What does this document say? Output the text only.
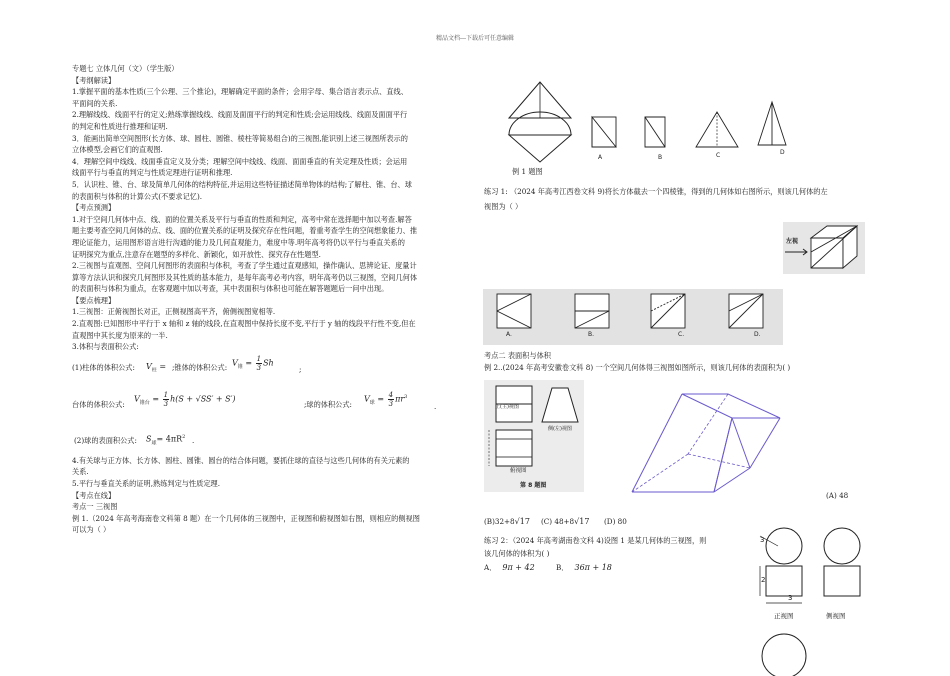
精品文档---下载后可任意编辑

专题七 立体几何（文）（学生版）

【考纲解读】

1.掌握平面的基本性质(三个公理、三个推论)，理解确定平面的条件；会用字母、集合语言表示点、直线、

平面间的关系.

2.理解线线、线面平行的定义;熟练掌握线线、线面及面面平行的判定和性质;会运用线线、线面及面面平行

的判定和性质进行推理和证明.

3．能画出简单空间图形(长方体、球、圆柱、圆锥、棱柱等简易组合)的三视图,能识别上述三视图所表示的

立体模型,会画它们的直观图.

4．理解空间中线线、线面垂直定义及分类；理解空间中线线、线面、面面垂直的有关定理及性质；会运用

线面平行与垂直的判定与性质定理进行证明和推理.

5．认识柱、锥、台、球及简单几何体的结构特征,并运用这些特征描述简单物体的结构;了解柱、锥、台、球

的表面积与体积的计算公式(不要求记忆).

【考点预测】

1.对于空间几何体中点、线、面的位置关系及平行与垂直的性质和判定，高考中常在选择题中加以考查.解答

题主要考查空间几何体的点、线、面的位置关系的证明及探究存在性问题，着重考查学生的空间想象能力、推

理论证能力，运用图形语言进行沟通的能力及几何直观能力，难度中等.明年高考将仍以平行与垂直关系的

证明探究为重点,注意存在题型的多样化、新颖化，如开放性、探究存在性题型.

2.三视图与直观图、空间几何图形的表面积与体积，考查了学生通过直观感知，操作确认、思辨论证、度量计

算等方法认识和探究几何图形及其性质的基本能力，是每年高考必考内容，明年高考仍以三视图，空间几何体

的表面积与体积为重点，在客观题中加以考查，其中表面积与体积也可能在解答题题后一问中出现。

【要点梳理】

1.三视图：正俯视图长对正，正侧视图高平齐，俯侧视图宽相等.

2.直观图:已知图形中平行于 x 轴和 z 轴的线段,在直观图中保持长度不变,平行于 y 轴的线段平行性不变,但在

直观图中其长度为原来的一半.

3.体积与表面积公式:

(1)柱体的体积公式: $V_柱$ = ;锥体的体积公式: $V_锥 = \frac{1}{3}$ Sh
;
台体的体积公式:
$V_{锥台} = \frac{1}{3} h(S + √SS' + S')$
;球的体积公式:
$V_球 = \frac{4}{3} \pi r^3$
.
(2)球的表面积公式: $S_球= 4\pi R^2$ .

4.有关球与正方体、长方体、圆柱、圆锥、圆台的结合体问题，要抓住球的直径与这些几何体的有关元素的

关系.

5.平行与垂直关系的证明,熟练判定与性质定理.

【考点在线】

考点一 三视图

例 1.（2024 年高考海南卷文科第 8 题）在一个几何体的三视图中，正视图和俯视图如右图，则相应的侧视图

可以为（ ）

例 1 题图
A	B	C	D
练习 1: （2024 年高考江西卷文科 9)将长方体截去一个四棱锥，得到的几何体如右图所示，则该几何体的左
视图为（ ）
左视
A.	B.	C.	D.
考点二 表面积与体积
例 2..(2024 年高考安徽卷文科 8) 一个空间几何体得三视图如图所示，则该几何体的表面积为( )
正(主)视图
侧(左)视图
俯视图
第 8 题图
(A) 48
(B)32+8√17 (C) 48+8√17 (D) 80
练习 2：（2024 年高考湖南卷文科 4)设图 1 是某几何体的三视图，则
该几何体的体积为( )
A． 9π + 42	B． 36π + 18
3
2
3
正视图	侧视图
